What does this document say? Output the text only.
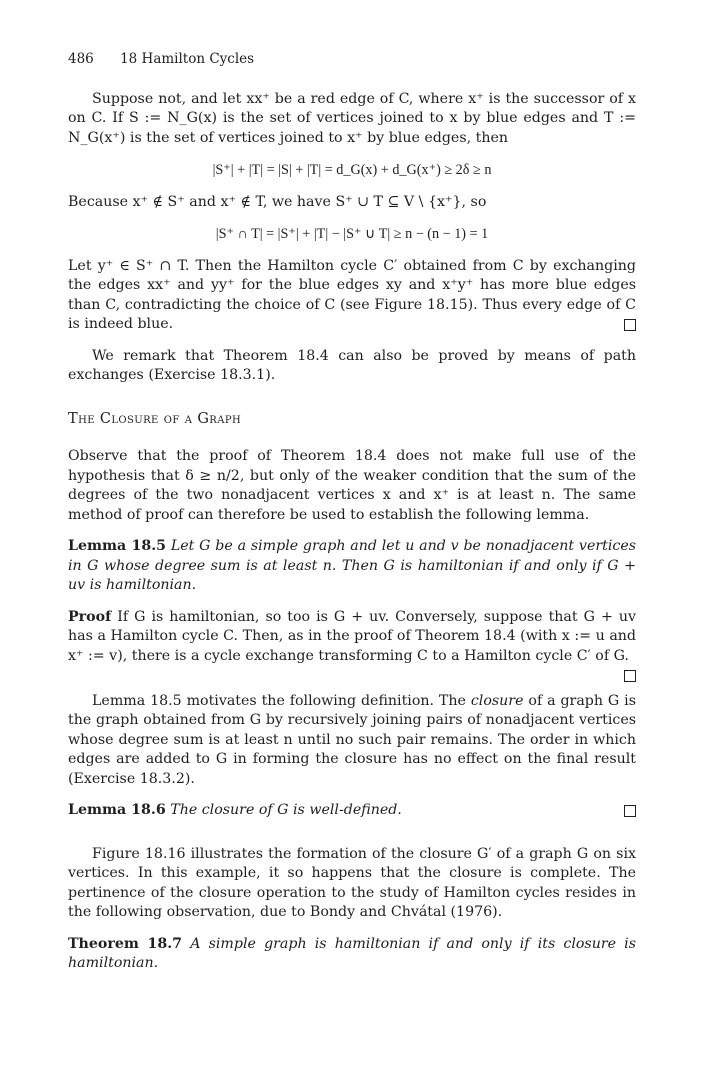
486 18 Hamilton Cycles

Suppose not, and let xx⁺ be a red edge of C, where x⁺ is the successor of x on C. If S := N_G(x) is the set of vertices joined to x by blue edges and T := N_G(x⁺) is the set of vertices joined to x⁺ by blue edges, then

|S⁺| + |T| = |S| + |T| = d_G(x) + d_G(x⁺) ≥ 2δ ≥ n

Because x⁺ ∉ S⁺ and x⁺ ∉ T, we have S⁺ ∪ T ⊆ V \ {x⁺}, so

|S⁺ ∩ T| = |S⁺| + |T| − |S⁺ ∪ T| ≥ n − (n − 1) = 1

Let y⁺ ∈ S⁺ ∩ T. Then the Hamilton cycle C′ obtained from C by exchanging the edges xx⁺ and yy⁺ for the blue edges xy and x⁺y⁺ has more blue edges than C, contradicting the choice of C (see Figure 18.15). Thus every edge of C is indeed blue.

We remark that Theorem 18.4 can also be proved by means of path exchanges (Exercise 18.3.1).

The Closure of a Graph

Observe that the proof of Theorem 18.4 does not make full use of the hypothesis that δ ≥ n/2, but only of the weaker condition that the sum of the degrees of the two nonadjacent vertices x and x⁺ is at least n. The same method of proof can therefore be used to establish the following lemma.

Lemma 18.5 Let G be a simple graph and let u and v be nonadjacent vertices in G whose degree sum is at least n. Then G is hamiltonian if and only if G + uv is hamiltonian.

Proof If G is hamiltonian, so too is G + uv. Conversely, suppose that G + uv has a Hamilton cycle C. Then, as in the proof of Theorem 18.4 (with x := u and x⁺ := v), there is a cycle exchange transforming C to a Hamilton cycle C′ of G.

Lemma 18.5 motivates the following definition. The closure of a graph G is the graph obtained from G by recursively joining pairs of nonadjacent vertices whose degree sum is at least n until no such pair remains. The order in which edges are added to G in forming the closure has no effect on the final result (Exercise 18.3.2).

Lemma 18.6 The closure of G is well-defined.

Figure 18.16 illustrates the formation of the closure G′ of a graph G on six vertices. In this example, it so happens that the closure is complete. The pertinence of the closure operation to the study of Hamilton cycles resides in the following observation, due to Bondy and Chvátal (1976).

Theorem 18.7 A simple graph is hamiltonian if and only if its closure is hamiltonian.
